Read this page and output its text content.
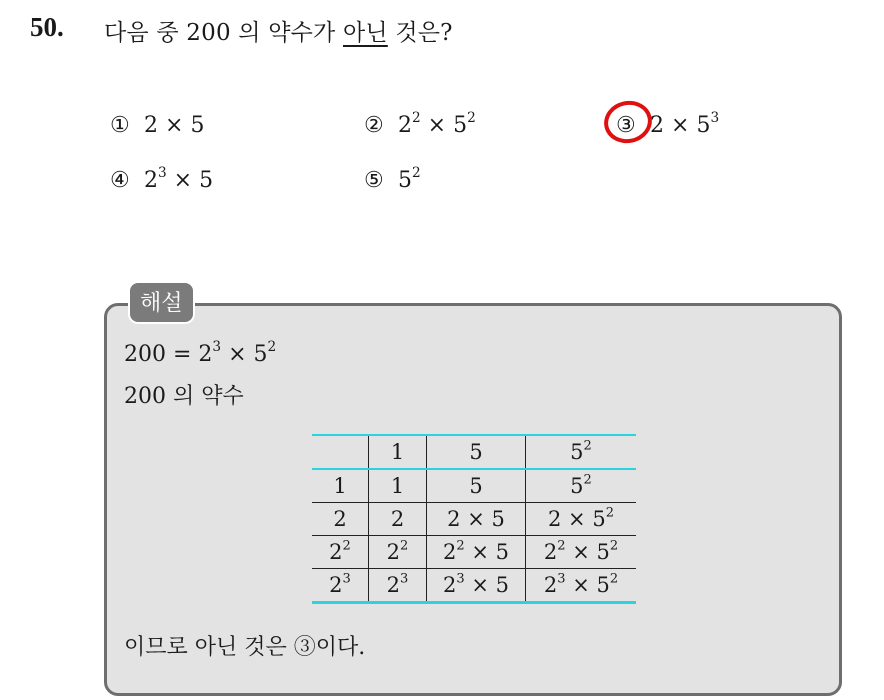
50. 다음 중 200 의 약수가 아닌 것은?
① 2 × 5	② $2^2 \times 5^2$	③ $2 \times 5^3$
④ $2^3 \times 5$	⑤ $5^2$
해설
$200 = 2^3 \times 5^2$
200 의 약수
	1	5	$5^2$
1	1	5	$5^2$
2	2	2 × 5	$2 \times 5^2$
$2^2$	$2^2$	$2^2 \times 5$	$2^2 \times 5^2$
$2^3$	$2^3$	$2^3 \times 5$	$2^3 \times 5^2$
이므로 아닌 것은 ③이다.
